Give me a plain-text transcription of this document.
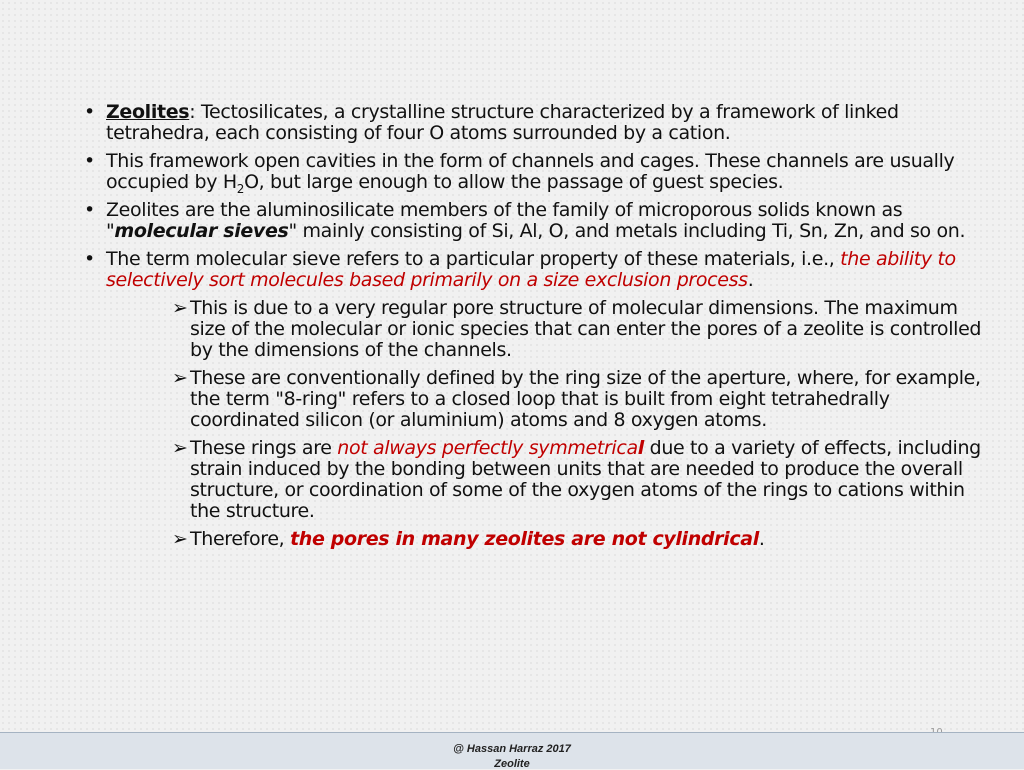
• Zeolites: Tectosilicates, a crystalline structure characterized by a framework of linked tetrahedra, each consisting of four O atoms surrounded by a cation.
• This framework open cavities in the form of channels and cages. These channels are usually occupied by $H_2O$, but large enough to allow the passage of guest species.
• Zeolites are the aluminosilicate members of the family of microporous solids known as "molecular sieves" mainly consisting of Si, Al, O, and metals including Ti, Sn, Zn, and so on.
• The term molecular sieve refers to a particular property of these materials, i.e., the ability to selectively sort molecules based primarily on a size exclusion process.
➢ This is due to a very regular pore structure of molecular dimensions. The maximum size of the molecular or ionic species that can enter the pores of a zeolite is controlled by the dimensions of the channels.
➢ These are conventionally defined by the ring size of the aperture, where, for example, the term "8-ring" refers to a closed loop that is built from eight tetrahedrally coordinated silicon (or aluminium) atoms and 8 oxygen atoms.
➢ These rings are not always perfectly symmetrical due to a variety of effects, including strain induced by the bonding between units that are needed to produce the overall structure, or coordination of some of the oxygen atoms of the rings to cations within the structure.
➢ Therefore, the pores in many zeolites are not cylindrical.
@ Hassan Harraz 2017
Zeolite
